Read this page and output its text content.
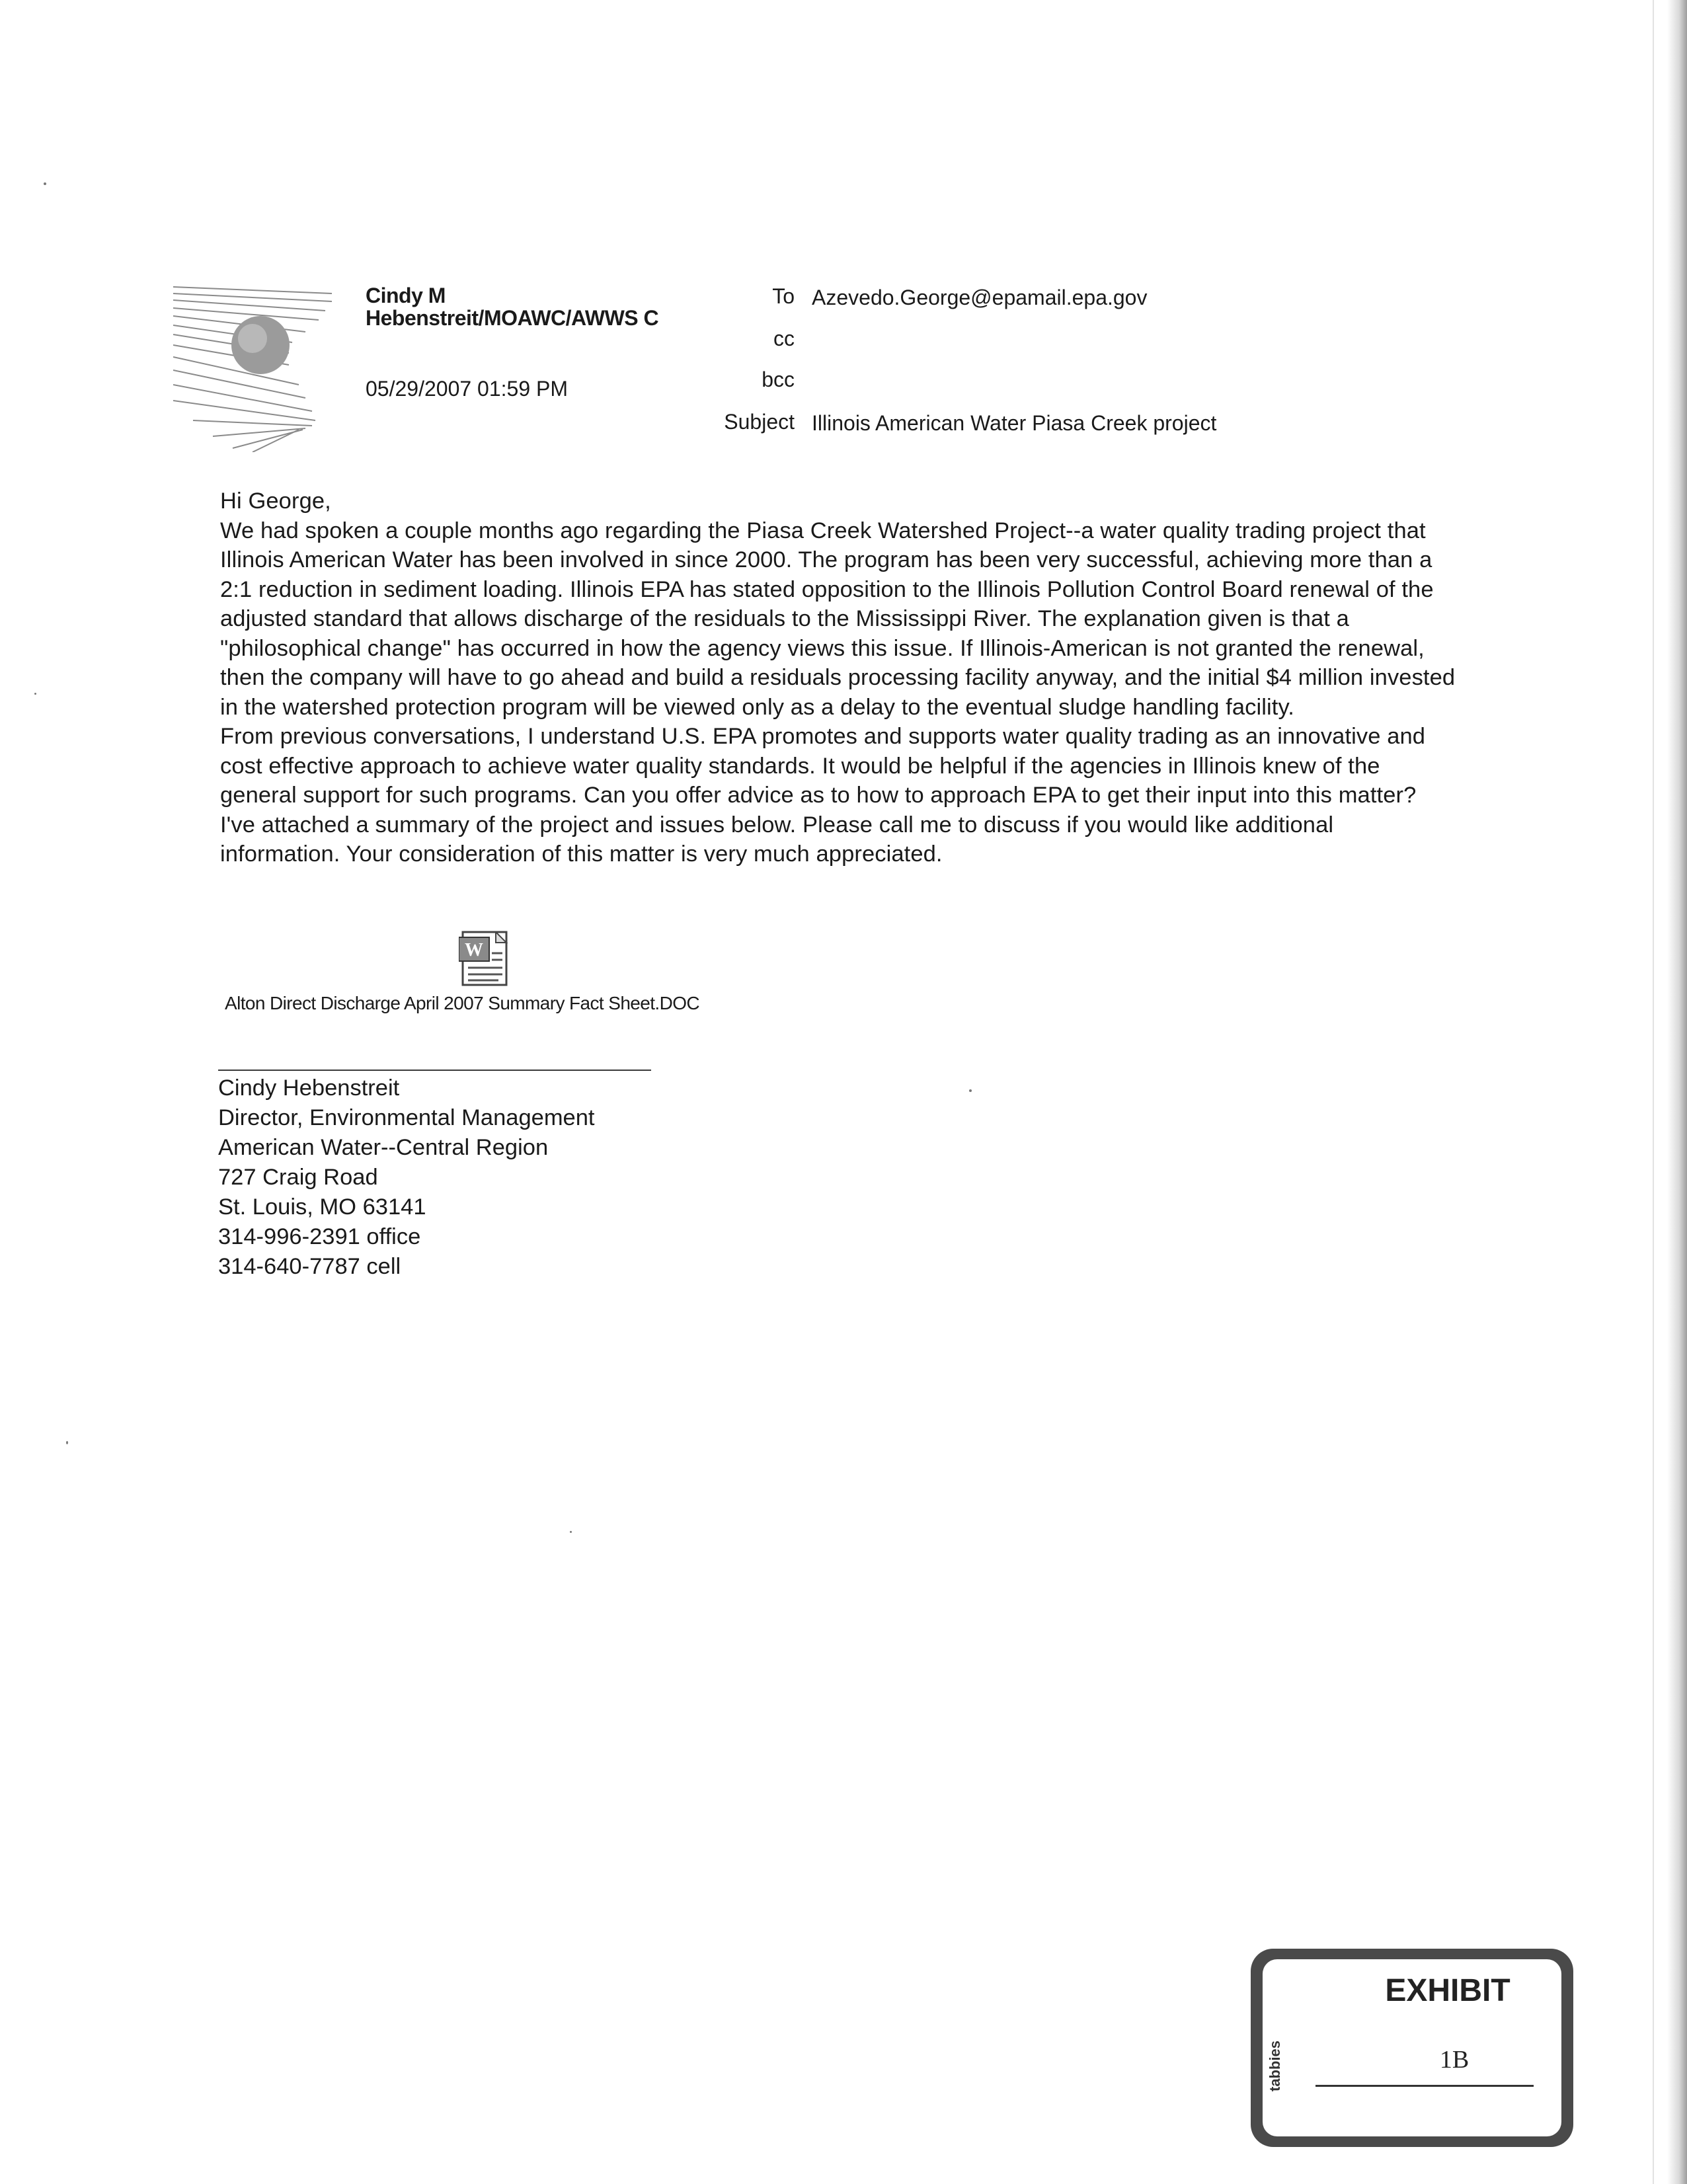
Cindy M Hebenstreit/MOAWC/AWWS C
05/29/2007 01:59 PM
To Azevedo.George@epamail.epa.gov
cc
bcc
Subject Illinois American Water Piasa Creek project

Hi George,

We had spoken a couple months ago regarding the Piasa Creek Watershed Project--a water quality trading project that Illinois American Water has been involved in since 2000. The program has been very successful, achieving more than a 2:1 reduction in sediment loading. Illinois EPA has stated opposition to the Illinois Pollution Control Board renewal of the adjusted standard that allows discharge of the residuals to the Mississippi River. The explanation given is that a "philosophical change" has occurred in how the agency views this issue. If Illinois-American is not granted the renewal, then the company will have to go ahead and build a residuals processing facility anyway, and the initial $4 million invested in the watershed protection program will be viewed only as a delay to the eventual sludge handling facility.

From previous conversations, I understand U.S. EPA promotes and supports water quality trading as an innovative and cost effective approach to achieve water quality standards. It would be helpful if the agencies in Illinois knew of the general support for such programs. Can you offer advice as to how to approach EPA to get their input into this matter?

I've attached a summary of the project and issues below. Please call me to discuss if you would like additional information. Your consideration of this matter is very much appreciated.

W
Alton Direct Discharge April 2007 Summary Fact Sheet.DOC
Cindy Hebenstreit
Director, Environmental Management
American Water--Central Region
727 Craig Road
St. Louis, MO 63141
314-996-2391 office
314-640-7787 cell
EXHIBIT
tabbies	1B
